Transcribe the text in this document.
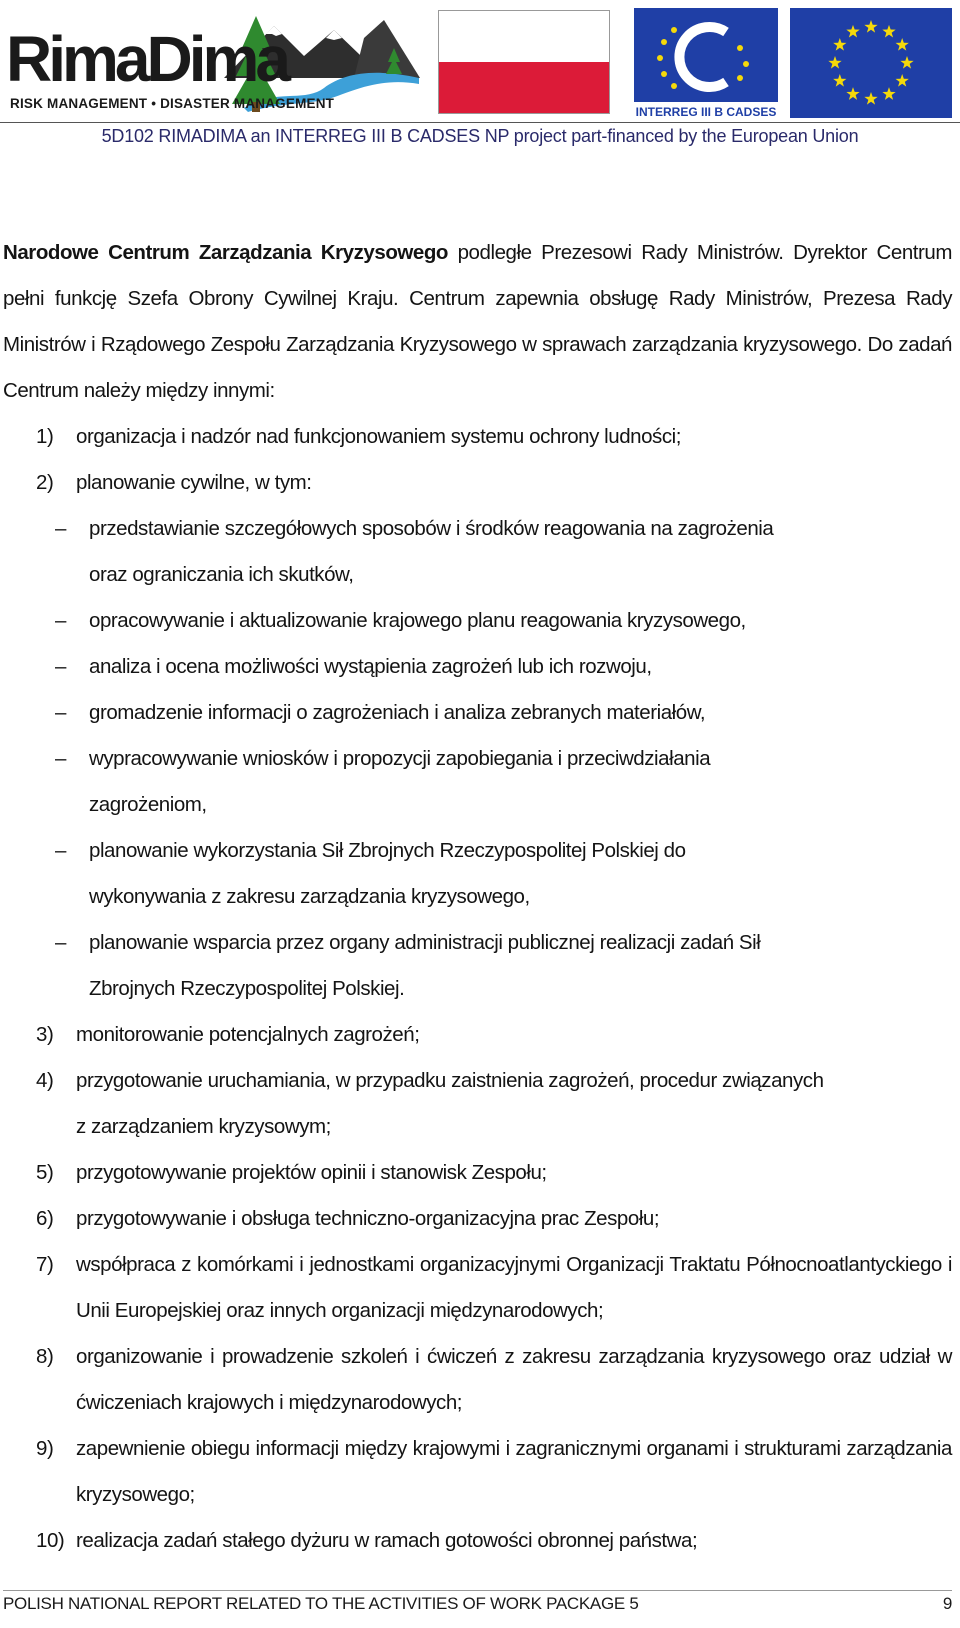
RimaDima
RISK MANAGEMENT • DISASTER MANAGEMENT
INTERREG III B CADSES
5D102 RIMADIMA an INTERREG III B CADSES NP project part-financed by the European Union

Narodowe Centrum Zarządzania Kryzysowego podległe Prezesowi Rady Ministrów. Dyrektor Centrum pełni funkcję Szefa Obrony Cywilnej Kraju. Centrum zapewnia obsługę Rady Ministrów, Prezesa Rady Ministrów i Rządowego Zespołu Zarządzania Kryzysowego w sprawach zarządzania kryzysowego. Do zadań Centrum należy między innymi:

1) organizacja i nadzór nad funkcjonowaniem systemu ochrony ludności;
2) planowanie cywilne, w tym:
– przedstawianie szczegółowych sposobów i środków reagowania na zagrożenia
oraz ograniczania ich skutków,
– opracowywanie i aktualizowanie krajowego planu reagowania kryzysowego,
– analiza i ocena możliwości wystąpienia zagrożeń lub ich rozwoju,
– gromadzenie informacji o zagrożeniach i analiza zebranych materiałów,
– wypracowywanie wniosków i propozycji zapobiegania i przeciwdziałania
zagrożeniom,
– planowanie wykorzystania Sił Zbrojnych Rzeczypospolitej Polskiej do
wykonywania z zakresu zarządzania kryzysowego,
– planowanie wsparcia przez organy administracji publicznej realizacji zadań Sił
Zbrojnych Rzeczypospolitej Polskiej.
3) monitorowanie potencjalnych zagrożeń;
4) przygotowanie uruchamiania, w przypadku zaistnienia zagrożeń, procedur związanych
z zarządzaniem kryzysowym;
5) przygotowywanie projektów opinii i stanowisk Zespołu;
6) przygotowywanie i obsługa techniczno-organizacyjna prac Zespołu;
7) współpraca z komórkami i jednostkami organizacyjnymi Organizacji Traktatu Północnoatlantyckiego i Unii Europejskiej oraz innych organizacji międzynarodowych;
8) organizowanie i prowadzenie szkoleń i ćwiczeń z zakresu zarządzania kryzysowego oraz udział w ćwiczeniach krajowych i międzynarodowych;
9) zapewnienie obiegu informacji między krajowymi i zagranicznymi organami i strukturami zarządzania kryzysowego;
10) realizacja zadań stałego dyżuru w ramach gotowości obronnej państwa;
POLISH NATIONAL REPORT RELATED TO THE ACTIVITIES OF WORK PACKAGE 5	9
